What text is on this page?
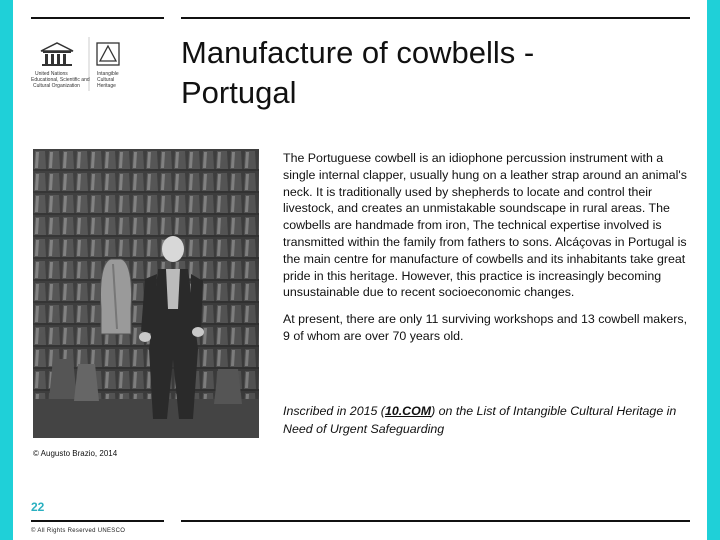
United Nations
Educational, Scientific and
Cultural Organization
Intangible
Cultural
Heritage
Manufacture of cowbells -
Portugal
© Augusto Brazio, 2014

The Portuguese cowbell is an idiophone percussion instrument with a single internal clapper, usually hung on a leather strap around an animal's neck. It is traditionally used by shepherds to locate and control their livestock, and creates an unmistakable soundscape in rural areas. The cowbells are handmade from iron, The technical expertise involved is transmitted within the family from fathers to sons. Alcáçovas in Portugal is the main centre for manufacture of cowbells and its inhabitants take great pride in this heritage. However, this practice is increasingly becoming unsustainable due to recent socioeconomic changes.

At present, there are only 11 surviving workshops and 13 cowbell makers, 9 of whom are over 70 years old.

Inscribed in 2015 (10.COM) on the List of Intangible Cultural Heritage in Need of Urgent Safeguarding
22
© All Rights Reserved UNESCO
